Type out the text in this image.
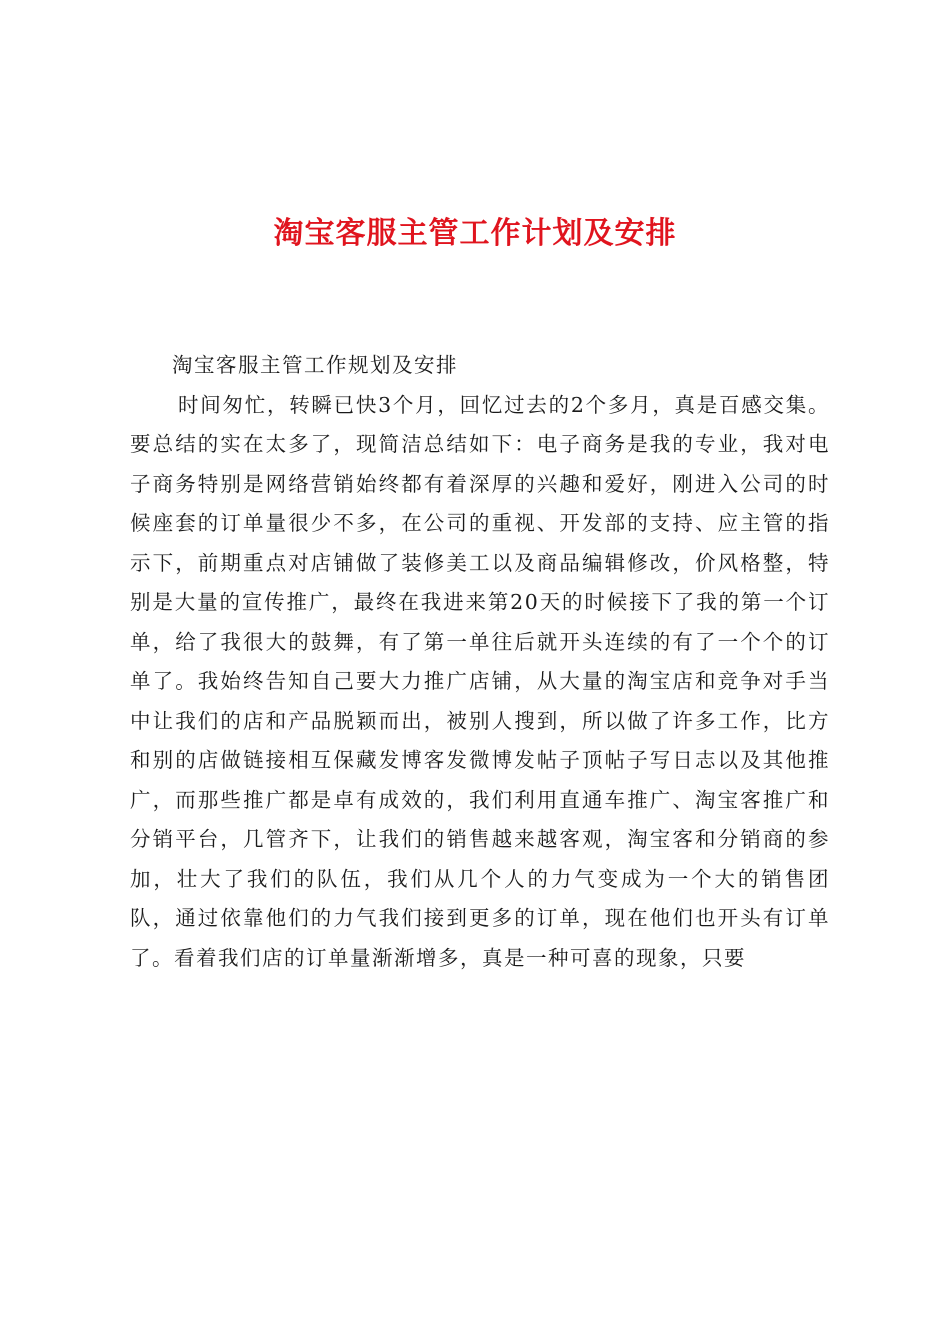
淘宝客服主管工作计划及安排

淘宝客服主管工作规划及安排

时间匆忙，转瞬已快3个月，回忆过去的2个多月，真是百感交集。要总结的实在太多了，现简洁总结如下：电子商务是我的专业，我对电子商务特别是网络营销始终都有着深厚的兴趣和爱好，刚进入公司的时候座套的订单量很少不多，在公司的重视、开发部的支持、应主管的指示下，前期重点对店铺做了装修美工以及商品编辑修改，价风格整，特别是大量的宣传推广，最终在我进来第20天的时候接下了我的第一个订单，给了我很大的鼓舞，有了第一单往后就开头连续的有了一个个的订单了。我始终告知自己要大力推广店铺，从大量的淘宝店和竞争对手当中让我们的店和产品脱颖而出，被别人搜到，所以做了许多工作，比方和别的店做链接相互保藏发博客发微博发帖子顶帖子写日志以及其他推广，而那些推广都是卓有成效的，我们利用直通车推广、淘宝客推广和分销平台，几管齐下，让我们的销售越来越客观，淘宝客和分销商的参加，壮大了我们的队伍，我们从几个人的力气变成为一个大的销售团队，通过依靠他们的力气我们接到更多的订单，现在他们也开头有订单了。看着我们店的订单量渐渐增多，真是一种可喜的现象，只要
